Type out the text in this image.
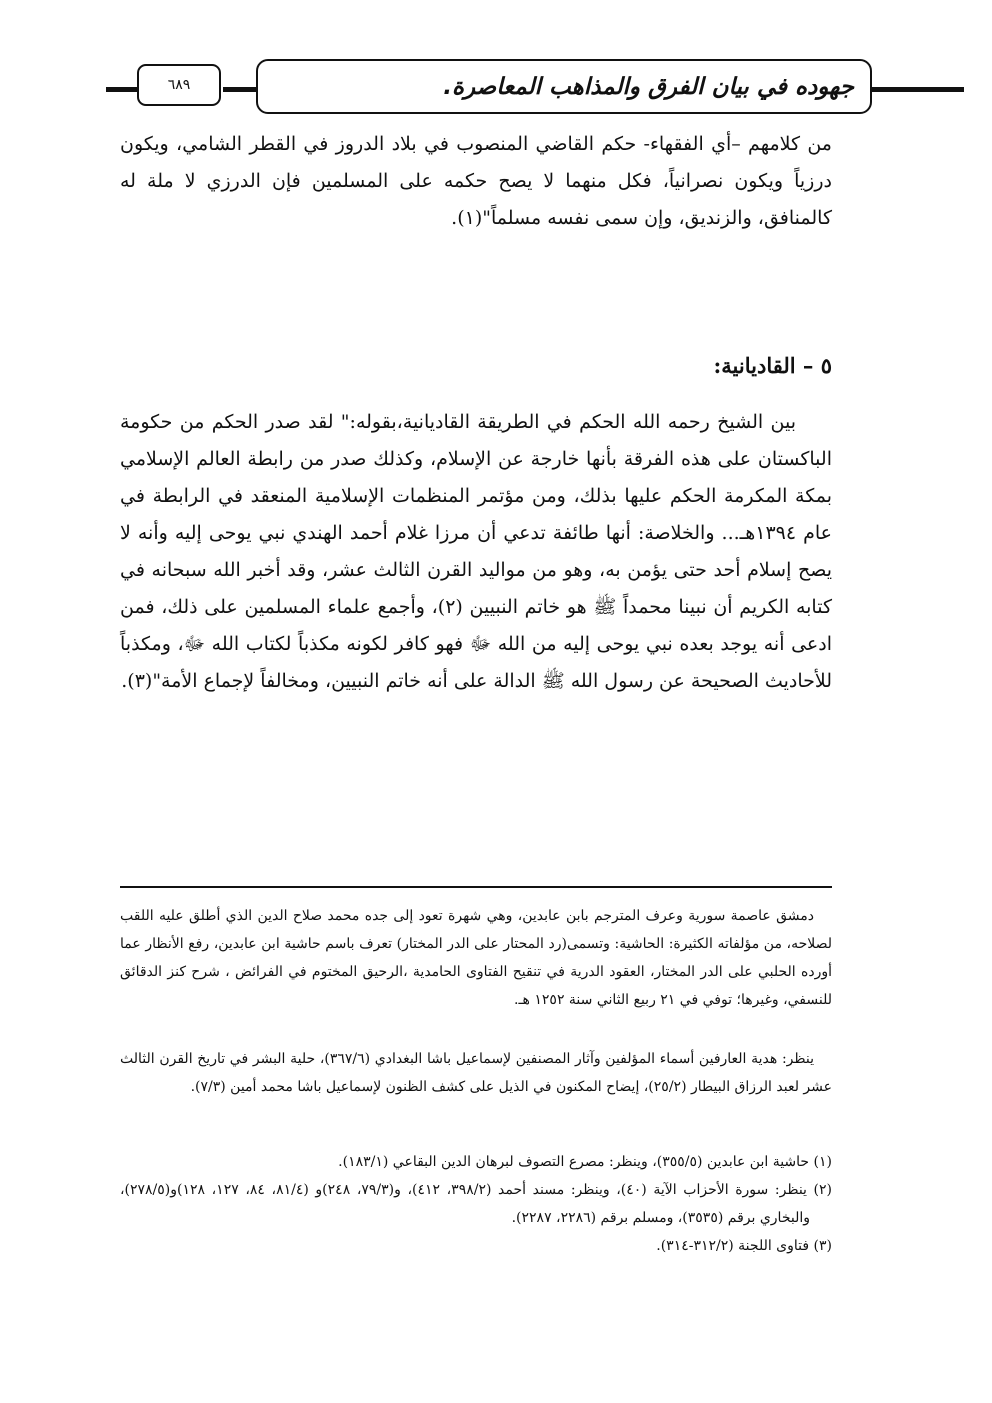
٦٨٩	جهوده في بيان الفرق والمذاهب المعاصرة.
من كلامهم –أي الفقهاء- حكم القاضي المنصوب في بلاد الدروز في القطر الشامي، ويكون درزياً ويكون نصرانياً، فكل منهما لا يصح حكمه على المسلمين فإن الدرزي لا ملة له كالمنافق، والزنديق، وإن سمى نفسه مسلماً"(١).
٥ – القاديانية:
بين الشيخ رحمه الله الحكم في الطريقة القاديانية،بقوله:" لقد صدر الحكم من حكومة الباكستان على هذه الفرقة بأنها خارجة عن الإسلام، وكذلك صدر من رابطة العالم الإسلامي بمكة المكرمة الحكم عليها بذلك، ومن مؤتمر المنظمات الإسلامية المنعقد في الرابطة في عام ١٣٩٤هـ... والخلاصة: أنها طائفة تدعي أن مرزا غلام أحمد الهندي نبي يوحى إليه وأنه لا يصح إسلام أحد حتى يؤمن به، وهو من مواليد القرن الثالث عشر، وقد أخبر الله سبحانه في كتابه الكريم أن نبينا محمداً ﷺ هو خاتم النبيين (٢)، وأجمع علماء المسلمين على ذلك، فمن ادعى أنه يوجد بعده نبي يوحى إليه من الله ﷻ فهو كافر لكونه مكذباً لكتاب الله ﷻ، ومكذباً للأحاديث الصحيحة عن رسول الله ﷺ الدالة على أنه خاتم النبيين، ومخالفاً لإجماع الأمة"(٣).
دمشق عاصمة سورية وعرف المترجم بابن عابدين، وهي شهرة تعود إلى جده محمد صلاح الدين الذي أطلق عليه اللقب لصلاحه، من مؤلفاته الكثيرة: الحاشية: وتسمى(رد المحتار على الدر المختار) تعرف باسم حاشية ابن عابدين، رفع الأنظار عما أورده الحلبي على الدر المختار، العقود الدرية في تنقيح الفتاوى الحامدية ،الرحيق المختوم في الفرائض ، شرح كنز الدقائق للنسفي، وغيرها؛ توفي في ٢١ ربيع الثاني سنة ١٢٥٢ هـ.
ينظر: هدية العارفين أسماء المؤلفين وآثار المصنفين لإسماعيل باشا البغدادي (٣٦٧/٦)، حلية البشر في تاريخ القرن الثالث عشر لعبد الرزاق البيطار (٢٥/٢)، إيضاح المكنون في الذيل على كشف الظنون لإسماعيل باشا محمد أمين (٧/٣).
(١) حاشية ابن عابدين (٣٥٥/٥)، وينظر: مصرع التصوف لبرهان الدين البقاعي (١٨٣/١).
(٢) ينظر: سورة الأحزاب الآية (٤٠)، وينظر: مسند أحمد (٣٩٨/٢، ٤١٢)، و(٧٩/٣، ٢٤٨)و (٨١/٤، ٨٤، ١٢٧، ١٢٨)و(٢٧٨/٥)، والبخاري برقم (٣٥٣٥)، ومسلم برقم (٢٢٨٦، ٢٢٨٧).
(٣) فتاوى اللجنة (٣١٢/٢-٣١٤).
